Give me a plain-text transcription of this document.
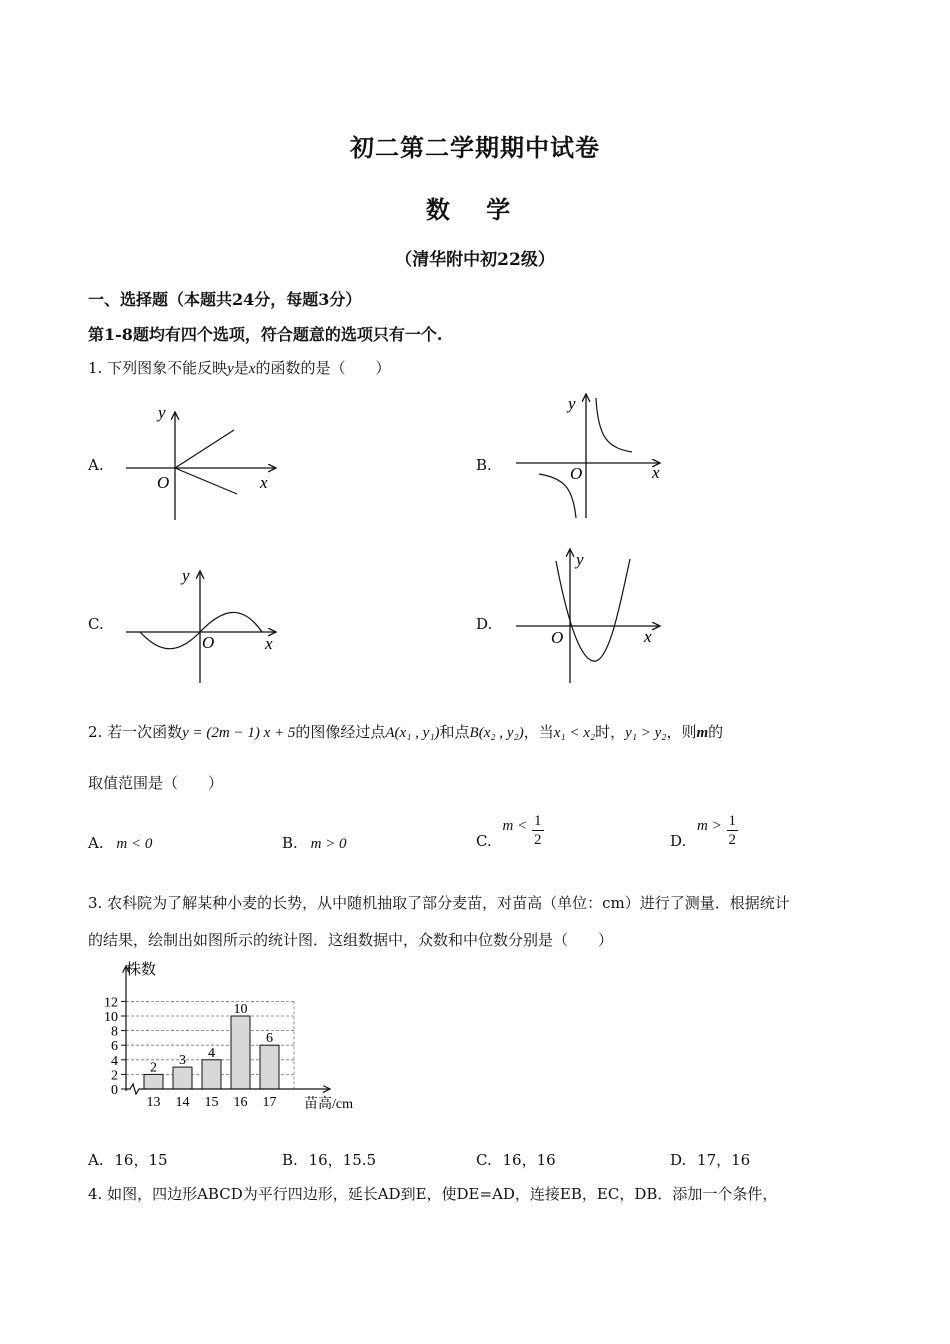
初二第二学期期中试卷
数 学
（清华附中初22级）
一、选择题（本题共24分，每题3分）
第1-8题均有四个选项，符合题意的选项只有一个.
1. 下列图象不能反映y是x的函数的是（　　）
A.	B.
C.	D.
y
x
O
y
x
O
y
x
O
y
x
O
2. 若一次函数y = (2m − 1) x + 5的图像经过点A(x₁ , y₁)和点B(x₂ , y₂)，当x₁ < x₂时，y₁ > y₂，则m的
取值范围是（　　）
A. m < 0	B. m > 0	C. $m < \frac{1}{2}$	D. $m > \frac{1}{2}$
3. 农科院为了解某种小麦的长势，从中随机抽取了部分麦苗，对苗高（单位：cm）进行了测量．根据统计
的结果，绘制出如图所示的统计图．这组数据中，众数和中位数分别是（　　）
0
2
4
6
8
10
12
2 3 4
10
6
13 14 15 16 17
株数
苗高/cm
A. 16，15	B. 16，15.5	C. 16，16	D. 17，16
4. 如图，四边形ABCD为平行四边形，延长AD到E，使DE=AD，连接EB，EC，DB．添加一个条件，
